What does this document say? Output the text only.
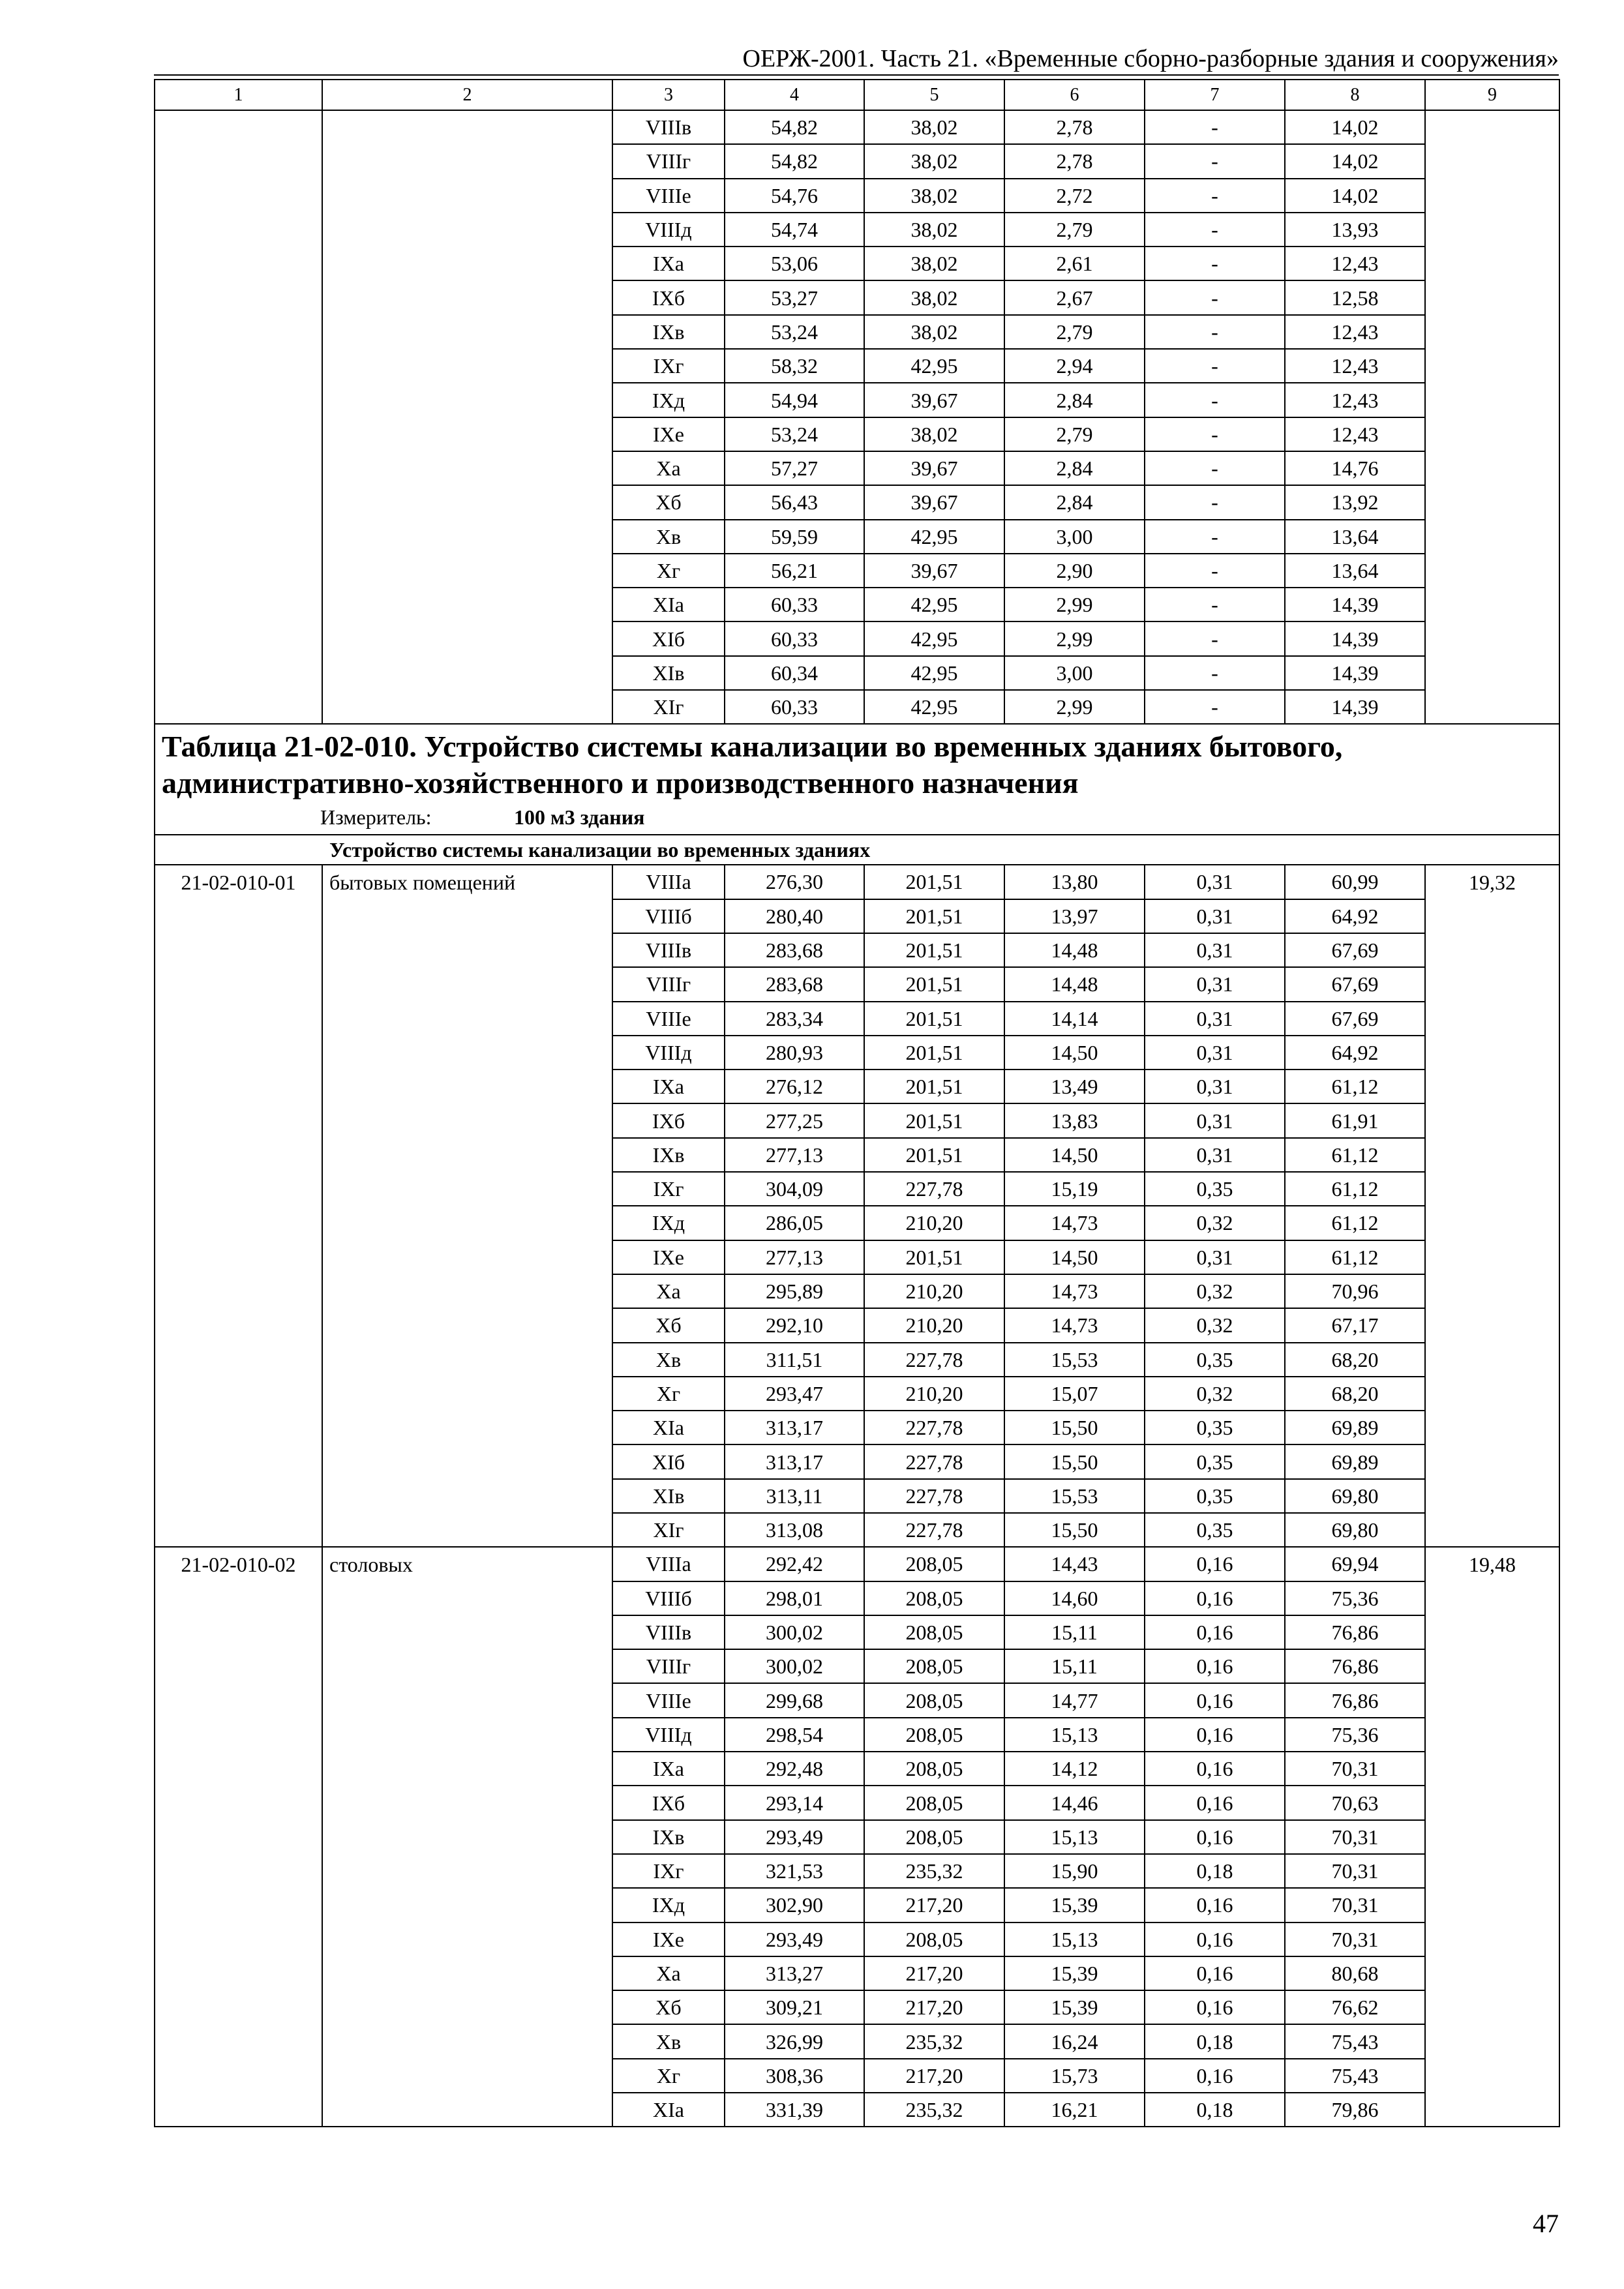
ОЕРЖ-2001. Часть 21. «Временные сборно-разборные здания и сооружения»
1	2	3	4	5	6	7	8	9
		VIIIв	54,82	38,02	2,78	-	14,02	
		VIIIг	54,82	38,02	2,78	-	14,02	
		VIIIе	54,76	38,02	2,72	-	14,02	
		VIIIд	54,74	38,02	2,79	-	13,93	
		IXа	53,06	38,02	2,61	-	12,43	
		IXб	53,27	38,02	2,67	-	12,58	
		IXв	53,24	38,02	2,79	-	12,43	
		IXг	58,32	42,95	2,94	-	12,43	
		IXд	54,94	39,67	2,84	-	12,43	
		IXе	53,24	38,02	2,79	-	12,43	
		Xа	57,27	39,67	2,84	-	14,76	
		Xб	56,43	39,67	2,84	-	13,92	
		Xв	59,59	42,95	3,00	-	13,64	
		Xг	56,21	39,67	2,90	-	13,64	
		XIа	60,33	42,95	2,99	-	14,39	
		XIб	60,33	42,95	2,99	-	14,39	
		XIв	60,34	42,95	3,00	-	14,39	
		XIг	60,33	42,95	2,99	-	14,39	

Таблица 21-02-010. Устройство системы канализации во временных зданиях бытового, административно-хозяйственного и производственного назначения
Измеритель: 100 м3 здания								

Устройство системы канализации во временных зданиях								
21-02-010-01	бытовых помещений	VIIIа	276,30	201,51	13,80	0,31	60,99	19,32
		VIIIб	280,40	201,51	13,97	0,31	64,92	
		VIIIв	283,68	201,51	14,48	0,31	67,69	
		VIIIг	283,68	201,51	14,48	0,31	67,69	
		VIIIе	283,34	201,51	14,14	0,31	67,69	
		VIIIд	280,93	201,51	14,50	0,31	64,92	
		IXа	276,12	201,51	13,49	0,31	61,12	
		IXб	277,25	201,51	13,83	0,31	61,91	
		IXв	277,13	201,51	14,50	0,31	61,12	
		IXг	304,09	227,78	15,19	0,35	61,12	
		IXд	286,05	210,20	14,73	0,32	61,12	
		IXе	277,13	201,51	14,50	0,31	61,12	
		Xа	295,89	210,20	14,73	0,32	70,96	
		Xб	292,10	210,20	14,73	0,32	67,17	
		Xв	311,51	227,78	15,53	0,35	68,20	
		Xг	293,47	210,20	15,07	0,32	68,20	
		XIа	313,17	227,78	15,50	0,35	69,89	
		XIб	313,17	227,78	15,50	0,35	69,89	
		XIв	313,11	227,78	15,53	0,35	69,80	
		XIг	313,08	227,78	15,50	0,35	69,80	
21-02-010-02	столовых	VIIIа	292,42	208,05	14,43	0,16	69,94	19,48
		VIIIб	298,01	208,05	14,60	0,16	75,36	
		VIIIв	300,02	208,05	15,11	0,16	76,86	
		VIIIг	300,02	208,05	15,11	0,16	76,86	
		VIIIе	299,68	208,05	14,77	0,16	76,86	
		VIIIд	298,54	208,05	15,13	0,16	75,36	
		IXа	292,48	208,05	14,12	0,16	70,31	
		IXб	293,14	208,05	14,46	0,16	70,63	
		IXв	293,49	208,05	15,13	0,16	70,31	
		IXг	321,53	235,32	15,90	0,18	70,31	
		IXд	302,90	217,20	15,39	0,16	70,31	
		IXе	293,49	208,05	15,13	0,16	70,31	
		Xа	313,27	217,20	15,39	0,16	80,68	
		Xб	309,21	217,20	15,39	0,16	76,62	
		Xв	326,99	235,32	16,24	0,18	75,43	
		Xг	308,36	217,20	15,73	0,16	75,43	
		XIа	331,39	235,32	16,21	0,18	79,86	
47
